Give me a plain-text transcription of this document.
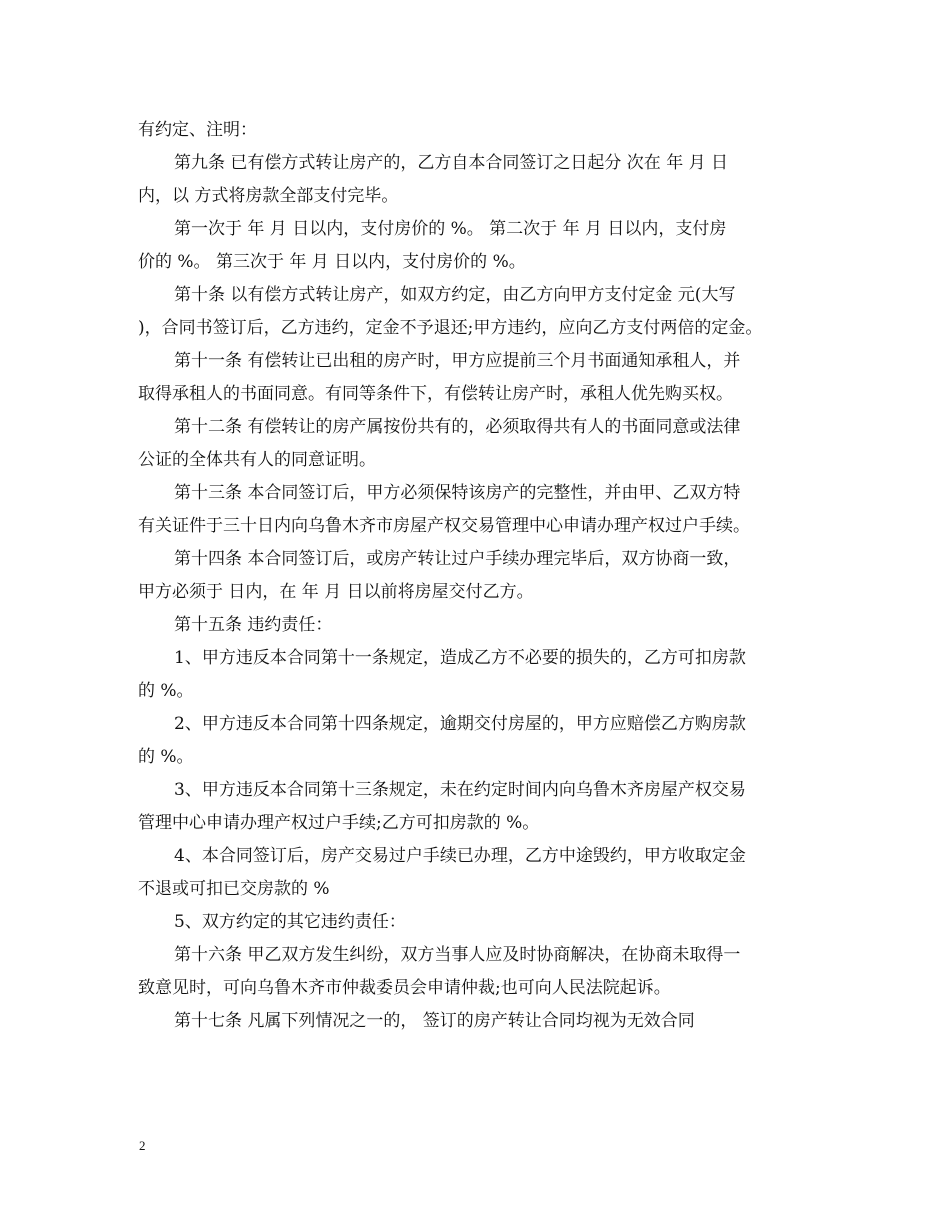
有约定、注明：
第九条 已有偿方式转让房产的，乙方自本合同签订之日起分 次在 年 月 日
内，以 方式将房款全部支付完毕。
第一次于 年 月 日以内，支付房价的 %。 第二次于 年 月 日以内，支付房
价的 %。 第三次于 年 月 日以内，支付房价的 %。
第十条 以有偿方式转让房产，如双方约定，由乙方向甲方支付定金 元(大写
)，合同书签订后，乙方违约，定金不予退还;甲方违约，应向乙方支付两倍的定金。
第十一条 有偿转让已出租的房产时，甲方应提前三个月书面通知承租人，并
取得承租人的书面同意。有同等条件下，有偿转让房产时，承租人优先购买权。
第十二条 有偿转让的房产属按份共有的，必须取得共有人的书面同意或法律
公证的全体共有人的同意证明。
第十三条 本合同签订后，甲方必须保特该房产的完整性，并由甲、乙双方特
有关证件于三十日内向乌鲁木齐市房屋产权交易管理中心申请办理产权过户手续。
第十四条 本合同签订后，或房产转让过户手续办理完毕后，双方协商一致，
甲方必须于 日内，在 年 月 日以前将房屋交付乙方。
第十五条 违约责任：
1、甲方违反本合同第十一条规定，造成乙方不必要的损失的，乙方可扣房款
的 %。
2、甲方违反本合同第十四条规定，逾期交付房屋的，甲方应赔偿乙方购房款
的 %。
3、甲方违反本合同第十三条规定，未在约定时间内向乌鲁木齐房屋产权交易
管理中心申请办理产权过户手续;乙方可扣房款的 %。
4、本合同签订后，房产交易过户手续已办理，乙方中途毁约，甲方收取定金
不退或可扣已交房款的 %
5、双方约定的其它违约责任：
第十六条 甲乙双方发生纠纷，双方当事人应及时协商解决，在协商未取得一
致意见时，可向乌鲁木齐市仲裁委员会申请仲裁;也可向人民法院起诉。
第十七条 凡属下列情况之一的， 签订的房产转让合同均视为无效合同
2
